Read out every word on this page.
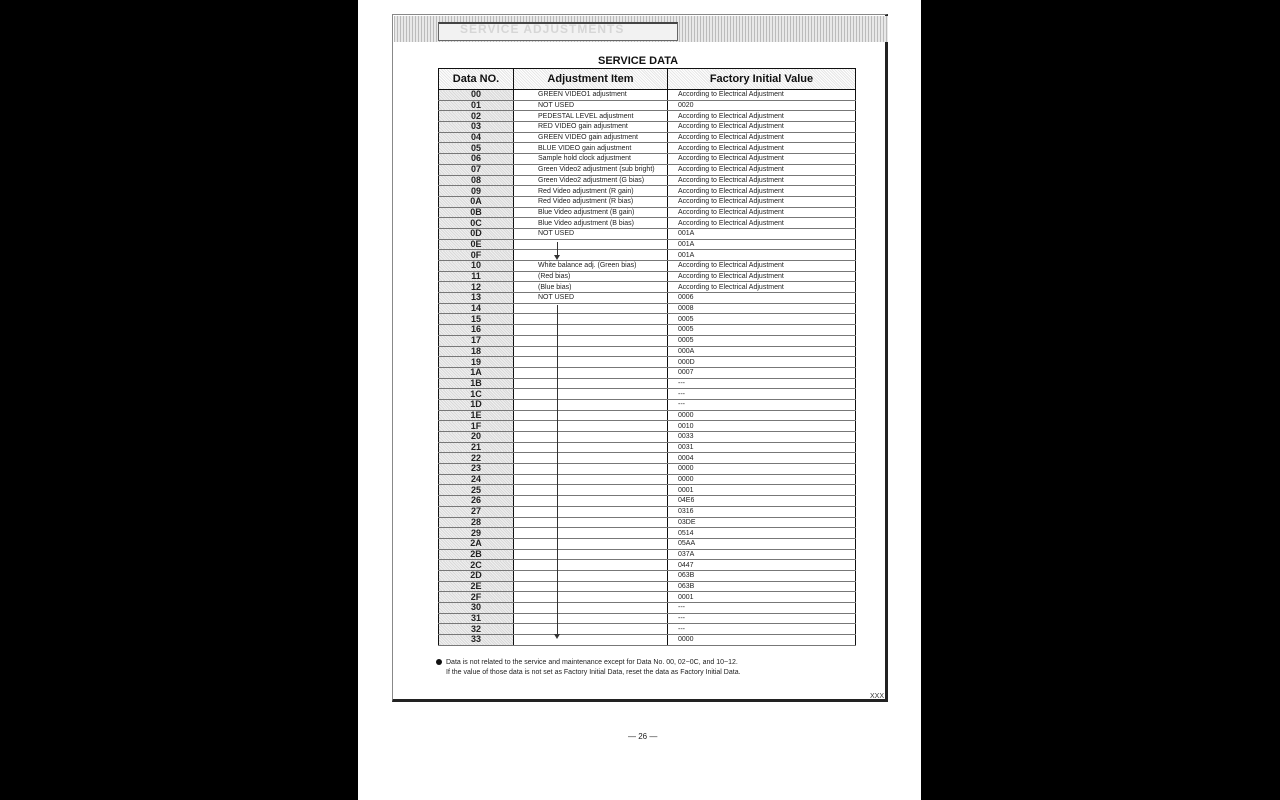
SERVICE ADJUSTMENTS
SERVICE DATA
Data NO.	Adjustment Item	Factory Initial Value
00	GREEN VIDEO1 adjustment	According to Electrical Adjustment
01	NOT USED	0020
02	PEDESTAL LEVEL adjustment	According to Electrical Adjustment
03	RED VIDEO gain adjustment	According to Electrical Adjustment
04	GREEN VIDEO gain adjustment	According to Electrical Adjustment
05	BLUE VIDEO gain adjustment	According to Electrical Adjustment
06	Sample hold clock adjustment	According to Electrical Adjustment
07	Green Video2 adjustment (sub bright)	According to Electrical Adjustment
08	Green Video2 adjustment (G bias)	According to Electrical Adjustment
09	Red Video adjustment (R gain)	According to Electrical Adjustment
0A	Red Video adjustment (R bias)	According to Electrical Adjustment
0B	Blue Video adjustment (B gain)	According to Electrical Adjustment
0C	Blue Video adjustment (B bias)	According to Electrical Adjustment
0D	NOT USED	001A
0E		001A
0F		001A
10	White balance adj. (Green bias)	According to Electrical Adjustment
11	(Red bias)	According to Electrical Adjustment
12	(Blue bias)	According to Electrical Adjustment
13	NOT USED	0006
14		0008
15		0005
16		0005
17		0005
18		000A
19		000D
1A		0007
1B		---
1C		---
1D		---
1E		0000
1F		0010
20		0033
21		0031
22		0004
23		0000
24		0000
25		0001
26		04E6
27		0316
28		03DE
29		0514
2A		05AA
2B		037A
2C		0447
2D		063B
2E		063B
2F		0001
30		---
31		---
32		---
33		0000
Data is not related to the service and maintenance except for Data No. 00, 02~0C, and 10~12.
If the value of those data is not set as Factory Initial Data, reset the data as Factory Initial Data.
XXX
— 26 —
